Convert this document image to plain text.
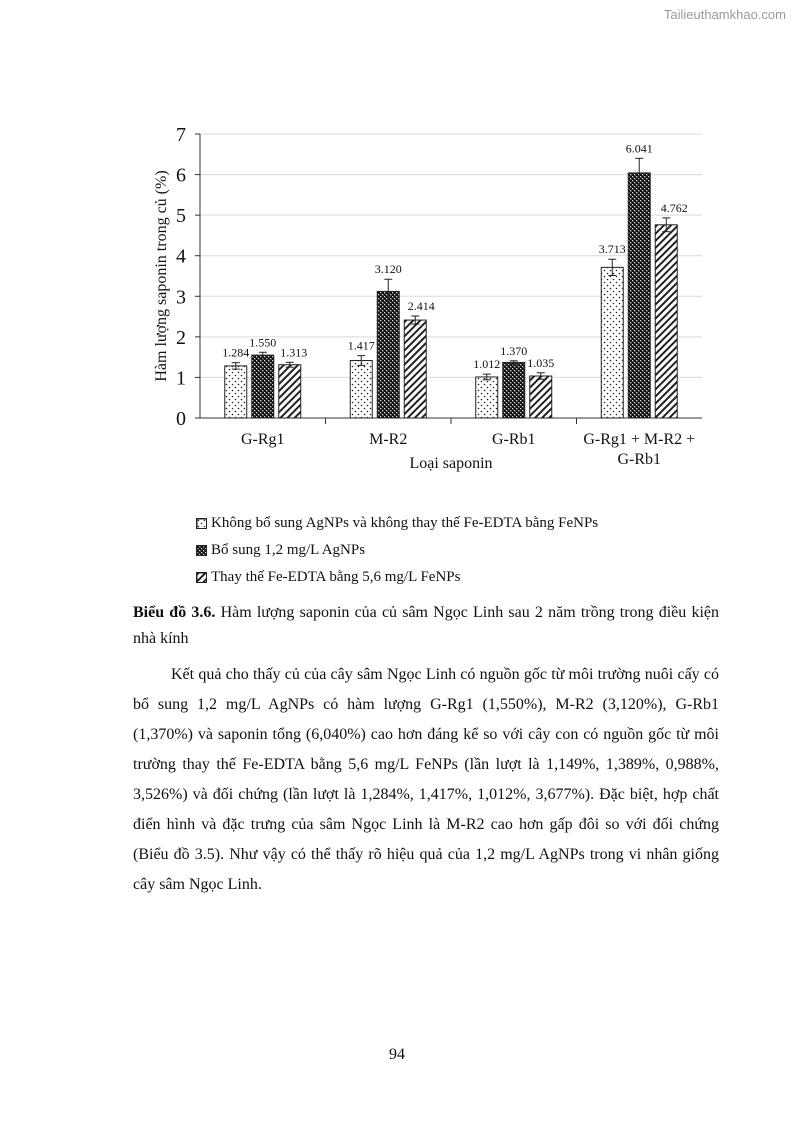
Tailieuthamkhao.com
0
1
2
3
4
5
6
7
1.284
1.550
1.313
G-Rg1
1.417
3.120
2.414
M-R2
1.012
1.370
1.035
G-Rb1
3.713
6.041
4.762
G-Rg1 + M-R2 +
G-Rb1
Loại saponin
Hàm lượng saponin trong củ (%)
Không bổ sung AgNPs và không thay thế Fe-EDTA bằng FeNPs
Bổ sung 1,2 mg/L AgNPs
Thay thế Fe-EDTA bằng 5,6 mg/L FeNPs
Biểu đồ 3.6. Hàm lượng saponin của củ sâm Ngọc Linh sau 2 năm trồng trong điều kiện nhà kính
Kết quả cho thấy củ của cây sâm Ngọc Linh có nguồn gốc từ môi trường nuôi cấy có bổ sung 1,2 mg/L AgNPs có hàm lượng G-Rg1 (1,550%), M-R2 (3,120%), G-Rb1 (1,370%) và saponin tổng (6,040%) cao hơn đáng kể so với cây con có nguồn gốc từ môi trường thay thế Fe-EDTA bằng 5,6 mg/L FeNPs (lần lượt là 1,149%, 1,389%, 0,988%, 3,526%) và đối chứng (lần lượt là 1,284%, 1,417%, 1,012%, 3,677%). Đặc biệt, hợp chất điển hình và đặc trưng của sâm Ngọc Linh là M-R2 cao hơn gấp đôi so với đối chứng (Biểu đồ 3.5). Như vậy có thể thấy rõ hiệu quả của 1,2 mg/L AgNPs trong vi nhân giống cây sâm Ngọc Linh.
94
